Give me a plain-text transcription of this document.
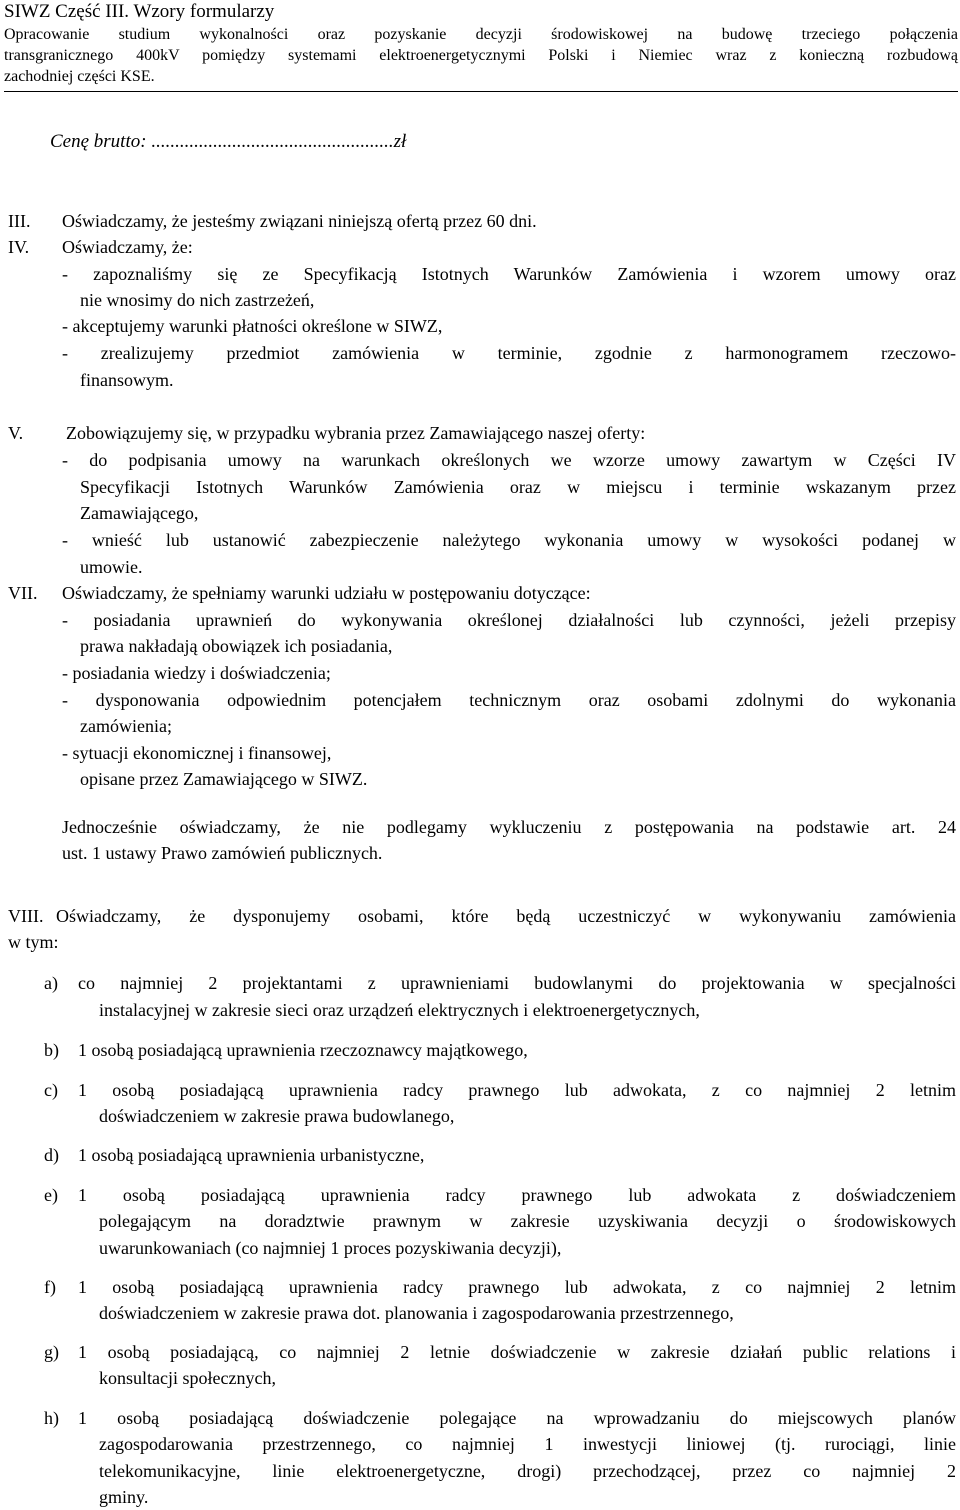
SIWZ Część III. Wzory formularzy
Opracowanie studium wykonalności oraz pozyskanie decyzji środowiskowej na budowę trzeciego połączenia
transgranicznego 400kV pomiędzy systemami elektroenergetycznymi Polski i Niemiec wraz z konieczną rozbudową
zachodniej części KSE.
Cenę brutto: ...................................................zł
III. Oświadczamy, że jesteśmy związani niniejszą ofertą przez 60 dni.
IV. Oświadczamy, że:
- zapoznaliśmy się ze Specyfikacją Istotnych Warunków Zamówienia i wzorem umowy oraz
nie wnosimy do nich zastrzeżeń,
- akceptujemy warunki płatności określone w SIWZ,
- zrealizujemy przedmiot zamówienia w terminie, zgodnie z harmonogramem rzeczowo-
finansowym.
V. Zobowiązujemy się, w przypadku wybrania przez Zamawiającego naszej oferty:
- do podpisania umowy na warunkach określonych we wzorze umowy zawartym w Części IV
Specyfikacji Istotnych Warunków Zamówienia oraz w miejscu i terminie wskazanym przez
Zamawiającego,
- wnieść lub ustanowić zabezpieczenie należytego wykonania umowy w wysokości podanej w
umowie.
VII. Oświadczamy, że spełniamy warunki udziału w postępowaniu dotyczące:
- posiadania uprawnień do wykonywania określonej działalności lub czynności, jeżeli przepisy
prawa nakładają obowiązek ich posiadania,
- posiadania wiedzy i doświadczenia;
- dysponowania odpowiednim potencjałem technicznym oraz osobami zdolnymi do wykonania
zamówienia;
- sytuacji ekonomicznej i finansowej,
opisane przez Zamawiającego w SIWZ.
Jednocześnie oświadczamy, że nie podlegamy wykluczeniu z postępowania na podstawie art. 24
ust. 1 ustawy Prawo zamówień publicznych.
VIII. Oświadczamy, że dysponujemy osobami, które będą uczestniczyć w wykonywaniu zamówienia
w tym:
a) co najmniej 2 projektantami z uprawnieniami budowlanymi do projektowania w specjalności
instalacyjnej w zakresie sieci oraz urządzeń elektrycznych i elektroenergetycznych,
b) 1 osobą posiadającą uprawnienia rzeczoznawcy majątkowego,
c) 1 osobą posiadającą uprawnienia radcy prawnego lub adwokata, z co najmniej 2 letnim
doświadczeniem w zakresie prawa budowlanego,
d) 1 osobą posiadającą uprawnienia urbanistyczne,
e) 1 osobą posiadającą uprawnienia radcy prawnego lub adwokata z doświadczeniem
polegającym na doradztwie prawnym w zakresie uzyskiwania decyzji o środowiskowych
uwarunkowaniach (co najmniej 1 proces pozyskiwania decyzji),
f) 1 osobą posiadającą uprawnienia radcy prawnego lub adwokata, z co najmniej 2 letnim
doświadczeniem w zakresie prawa dot. planowania i zagospodarowania przestrzennego,
g) 1 osobą posiadającą, co najmniej 2 letnie doświadczenie w zakresie działań public relations i
konsultacji społecznych,
h) 1 osobą posiadającą doświadczenie polegające na wprowadzaniu do miejscowych planów
zagospodarowania przestrzennego, co najmniej 1 inwestycji liniowej (tj. rurociągi, linie
telekomunikacyjne, linie elektroenergetyczne, drogi) przechodzącej, przez co najmniej 2
gminy.
